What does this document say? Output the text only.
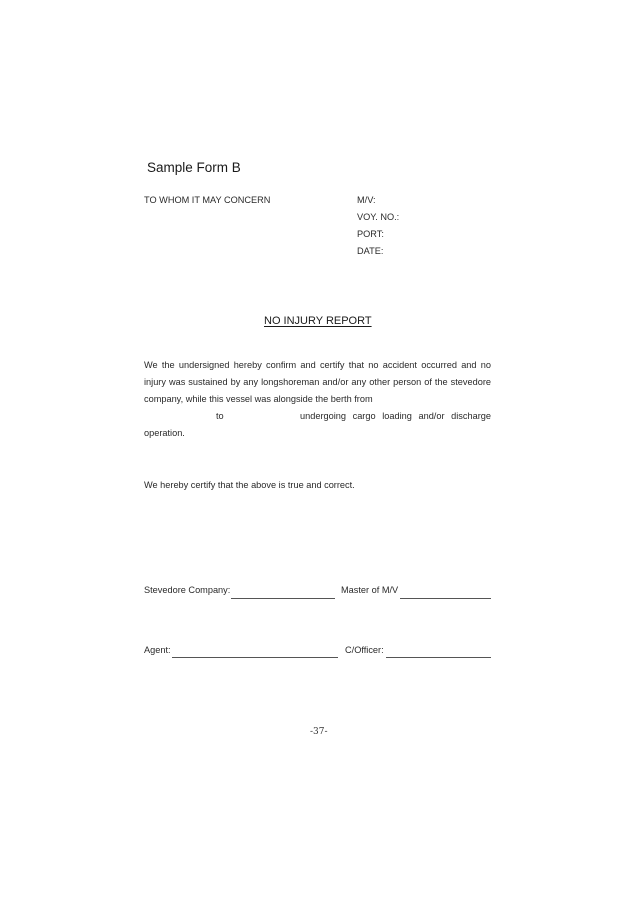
Sample Form B
TO WHOM IT MAY CONCERN	M/V:
VOY. NO.:
PORT:
DATE:
NO INJURY REPORT
We the undersigned hereby confirm and certify that no accident occurred and no
injury was sustained by any longshoreman and/or any other person of the stevedore
company, while this vessel was alongside the berth from
to	undergoing cargo loading and/or discharge
operation.
We hereby certify that the above is true and correct.
Stevedore Company:	Master of M/V
Agent:	C/Officer:
-37-
